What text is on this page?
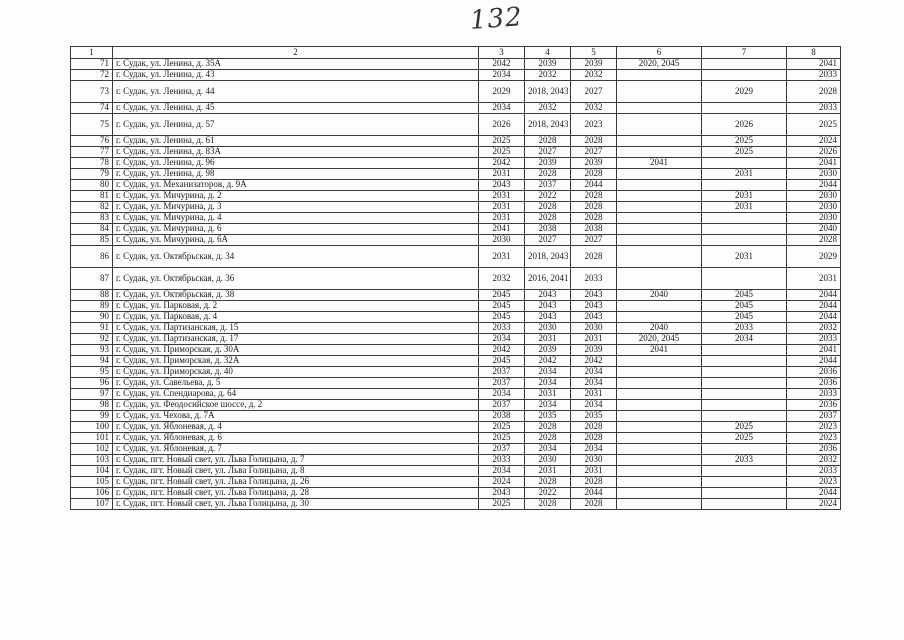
132
1	2	3	4	5	6	7	8
71	г. Судак, ул. Ленина, д. 35А	2042	2039	2039	2020, 2045		2041
72	г. Судак, ул. Ленина, д. 43	2034	2032	2032			2033
73	г. Судак, ул. Ленина, д. 44	2029	2018, 2043	2027		2029	2028
74	г. Судак, ул. Ленина, д. 45	2034	2032	2032			2033
75	г. Судак, ул. Ленина, д. 57	2026	2018, 2043	2023		2026	2025
76	г. Судак, ул. Ленина, д. 61	2025	2028	2028		2025	2024
77	г. Судак, ул. Ленина, д. 83А	2025	2027	2027		2025	2026
78	г. Судак, ул. Ленина, д. 96	2042	2039	2039	2041		2041
79	г. Судак, ул. Ленина, д. 98	2031	2028	2028		2031	2030
80	г. Судак, ул. Механизаторов, д. 9А	2043	2037	2044			2044
81	г. Судак, ул. Мичурина, д. 2	2031	2022	2028		2031	2030
82	г. Судак, ул. Мичурина, д. 3	2031	2028	2028		2031	2030
83	г. Судак, ул. Мичурина, д. 4	2031	2028	2028			2030
84	г. Судак, ул. Мичурина, д. 6	2041	2038	2038			2040
85	г. Судак, ул. Мичурина, д. 6А	2030	2027	2027			2028
86	г. Судак, ул. Октябрьская, д. 34	2031	2018, 2043	2028		2031	2029
87	г. Судак, ул. Октябрьская, д. 36	2032	2016, 2041	2033			2031
88	г. Судак, ул. Октябрьская, д. 38	2045	2043	2043	2040	2045	2044
89	г. Судак, ул. Парковая, д. 2	2045	2043	2043		2045	2044
90	г. Судак, ул. Парковая, д. 4	2045	2043	2043		2045	2044
91	г. Судак, ул. Партизанская, д. 15	2033	2030	2030	2040	2033	2032
92	г. Судак, ул. Партизанская, д. 17	2034	2031	2031	2020, 2045	2034	2033
93	г. Судак, ул. Приморская, д. 30А	2042	2039	2039	2041		2041
94	г. Судак, ул. Приморская, д. 32А	2045	2042	2042			2044
95	г. Судак, ул. Приморская, д. 40	2037	2034	2034			2036
96	г. Судак, ул. Савельева, д. 5	2037	2034	2034			2036
97	г. Судак, ул. Спендиарова, д. 64	2034	2031	2031			2033
98	г. Судак, ул. Феодосийское шоссе, д. 2	2037	2034	2034			2036
99	г. Судак, ул. Чехова, д. 7А	2038	2035	2035			2037
100	г. Судак, ул. Яблоневая, д. 4	2025	2028	2028		2025	2023
101	г. Судак, ул. Яблоневая, д. 6	2025	2028	2028		2025	2023
102	г. Судак, ул. Яблоневая, д. 7	2037	2034	2034			2036
103	г. Судак, пгт. Новый свет, ул. Льва Голицына, д. 7	2033	2030	2030		2033	2032
104	г. Судак, пгт. Новый свет, ул. Льва Голицына, д. 8	2034	2031	2031			2033
105	г. Судак, пгт. Новый свет, ул. Льва Голицына, д. 26	2024	2028	2028			2023
106	г. Судак, пгт. Новый свет, ул. Льва Голицына, д. 28	2043	2022	2044			2044
107	г. Судак, пгт. Новый свет, ул. Льва Голицына, д. 30	2025	2028	2028			2024
